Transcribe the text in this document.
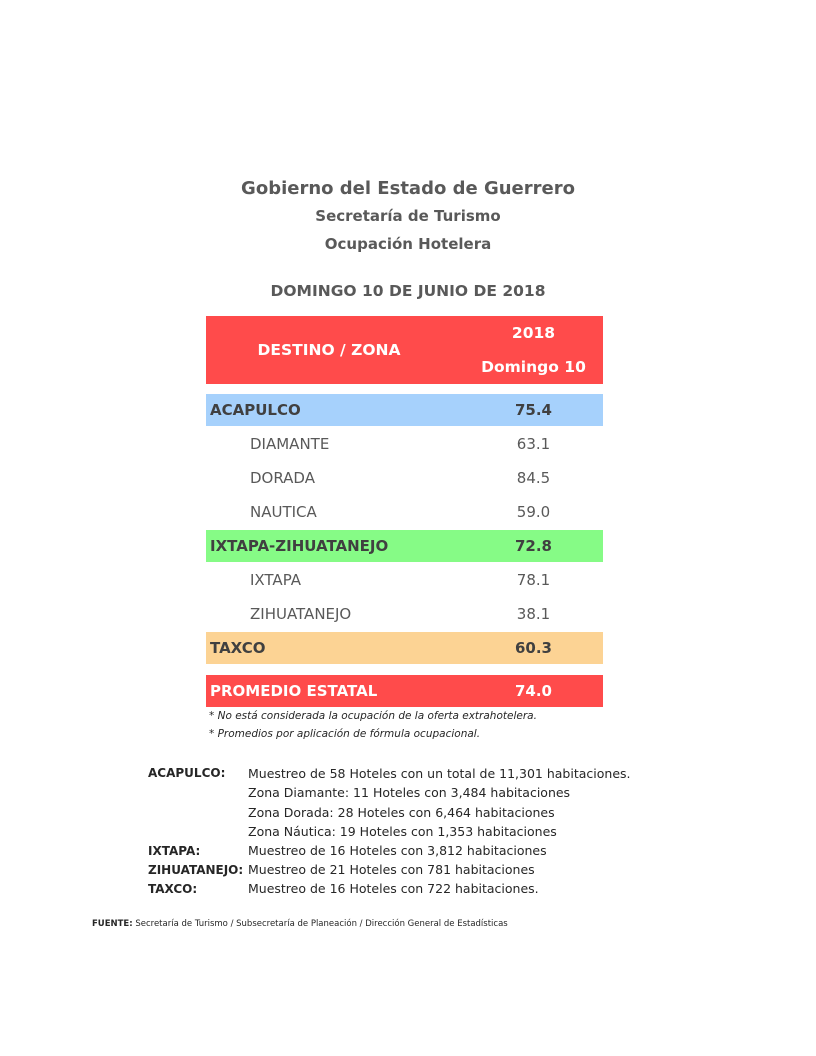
Gobierno del Estado de Guerrero
Secretaría de Turismo
Ocupación Hotelera
DOMINGO 10 DE JUNIO DE 2018
DESTINO / ZONA
2018
Domingo 10
ACAPULCO	75.4
DIAMANTE	63.1
DORADA	84.5
NAUTICA	59.0
IXTAPA-ZIHUATANEJO	72.8
IXTAPA	78.1
ZIHUATANEJO	38.1
TAXCO	60.3
PROMEDIO ESTATAL	74.0
* No está considerada la ocupación de la oferta extrahotelera.
* Promedios por aplicación de fórmula ocupacional.
ACAPULCO: Muestreo de 58 Hoteles con un total de 11,301 habitaciones.
Zona Diamante: 11 Hoteles con 3,484 habitaciones
Zona Dorada: 28 Hoteles con 6,464 habitaciones
Zona Náutica: 19 Hoteles con 1,353 habitaciones
IXTAPA:	Muestreo de 16 Hoteles con 3,812 habitaciones
ZIHUATANEJO: Muestreo de 21 Hoteles con 781 habitaciones
TAXCO:	Muestreo de 16 Hoteles con 722 habitaciones.
FUENTE: Secretaría de Turismo / Subsecretaría de Planeación / Dirección General de Estadísticas
